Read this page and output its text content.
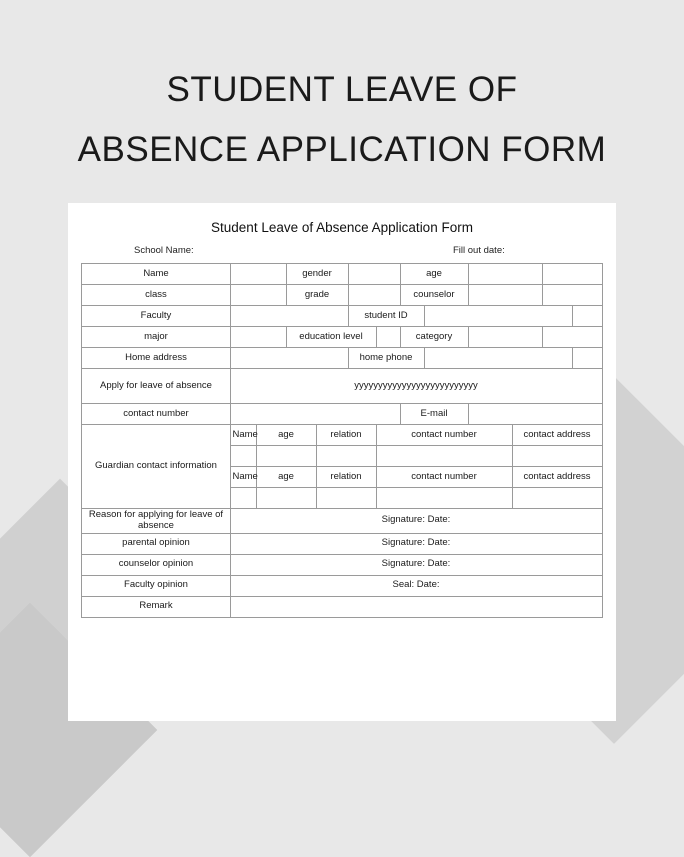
STUDENT LEAVE OF
ABSENCE APPLICATION FORM
Student Leave of Absence Application Form
School Name:	Fill out date:
Name			gender				age					
class			grade				counselor					
Faculty					student ID							
major			education level				category					
Home address					home phone							
Apply for leave of absence	yyyyyyyyyyyyyyyyyyyyyyyyyy											
contact number							E-mail					
Guardian contact information	Name	age		relation		contact number				contact address		

	Name	age		relation		contact number				contact address		

Reason for applying for leave of absence	Signature: Date:											
parental opinion	Signature: Date:											
counselor opinion	Signature: Date:											
Faculty opinion	Seal: Date:											
Remark												
